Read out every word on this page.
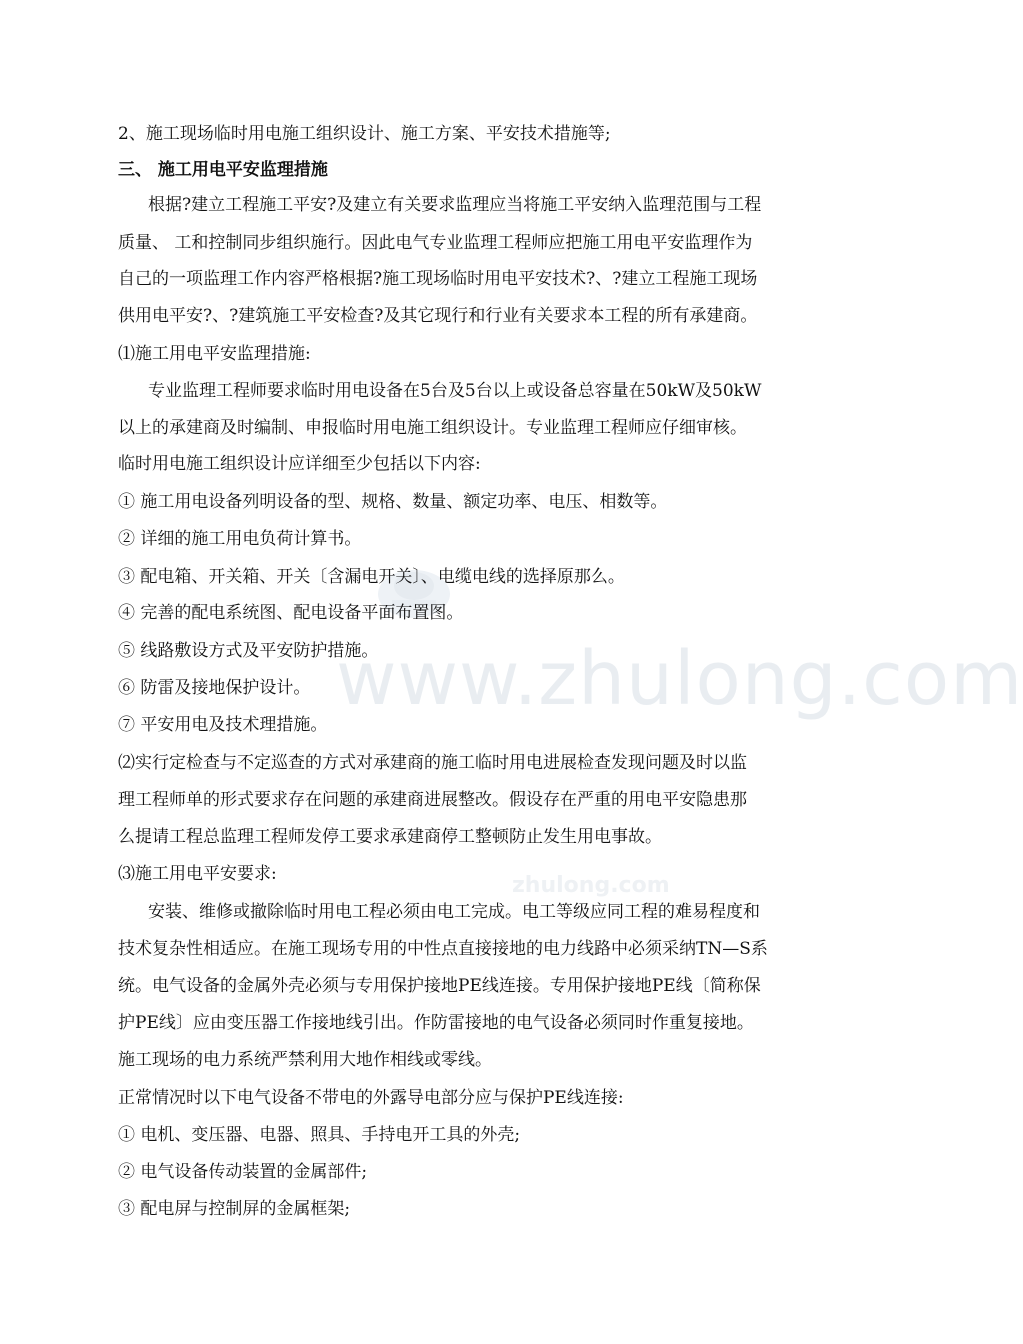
www.zhulong.com
zhulong.com
2、施工现场临时用电施工组织设计、施工方案、平安技术措施等;
三、 施工用电平安监理措施
根据?建立工程施工平安?及建立有关要求监理应当将施工平安纳入监理范围与工程
质量、 工和控制同步组织施行。因此电气专业监理工程师应把施工用电平安监理作为
自己的一项监理工作内容严格根据?施工现场临时用电平安技术?、?建立工程施工现场
供用电平安?、?建筑施工平安检查?及其它现行和行业有关要求本工程的所有承建商。
⑴施工用电平安监理措施:
专业监理工程师要求临时用电设备在5台及5台以上或设备总容量在50kW及50kW
以上的承建商及时编制、申报临时用电施工组织设计。专业监理工程师应仔细审核。
临时用电施工组织设计应详细至少包括以下内容:
① 施工用电设备列明设备的型、规格、数量、额定功率、电压、相数等。
② 详细的施工用电负荷计算书。
③ 配电箱、开关箱、开关〔含漏电开关〕、电缆电线的选择原那么。
④ 完善的配电系统图、配电设备平面布置图。
⑤ 线路敷设方式及平安防护措施。
⑥ 防雷及接地保护设计。
⑦ 平安用电及技术理措施。
⑵实行定检查与不定巡查的方式对承建商的施工临时用电进展检查发现问题及时以监
理工程师单的形式要求存在问题的承建商进展整改。假设存在严重的用电平安隐患那
么提请工程总监理工程师发停工要求承建商停工整顿防止发生用电事故。
⑶施工用电平安要求:
安装、维修或撤除临时用电工程必须由电工完成。电工等级应同工程的难易程度和
技术复杂性相适应。在施工现场专用的中性点直接接地的电力线路中必须采纳TN—S系
统。电气设备的金属外壳必须与专用保护接地PE线连接。专用保护接地PE线〔简称保
护PE线〕应由变压器工作接地线引出。作防雷接地的电气设备必须同时作重复接地。
施工现场的电力系统严禁利用大地作相线或零线。
正常情况时以下电气设备不带电的外露导电部分应与保护PE线连接:
① 电机、变压器、电器、照具、手持电开工具的外壳;
② 电气设备传动装置的金属部件;
③ 配电屏与控制屏的金属框架;
